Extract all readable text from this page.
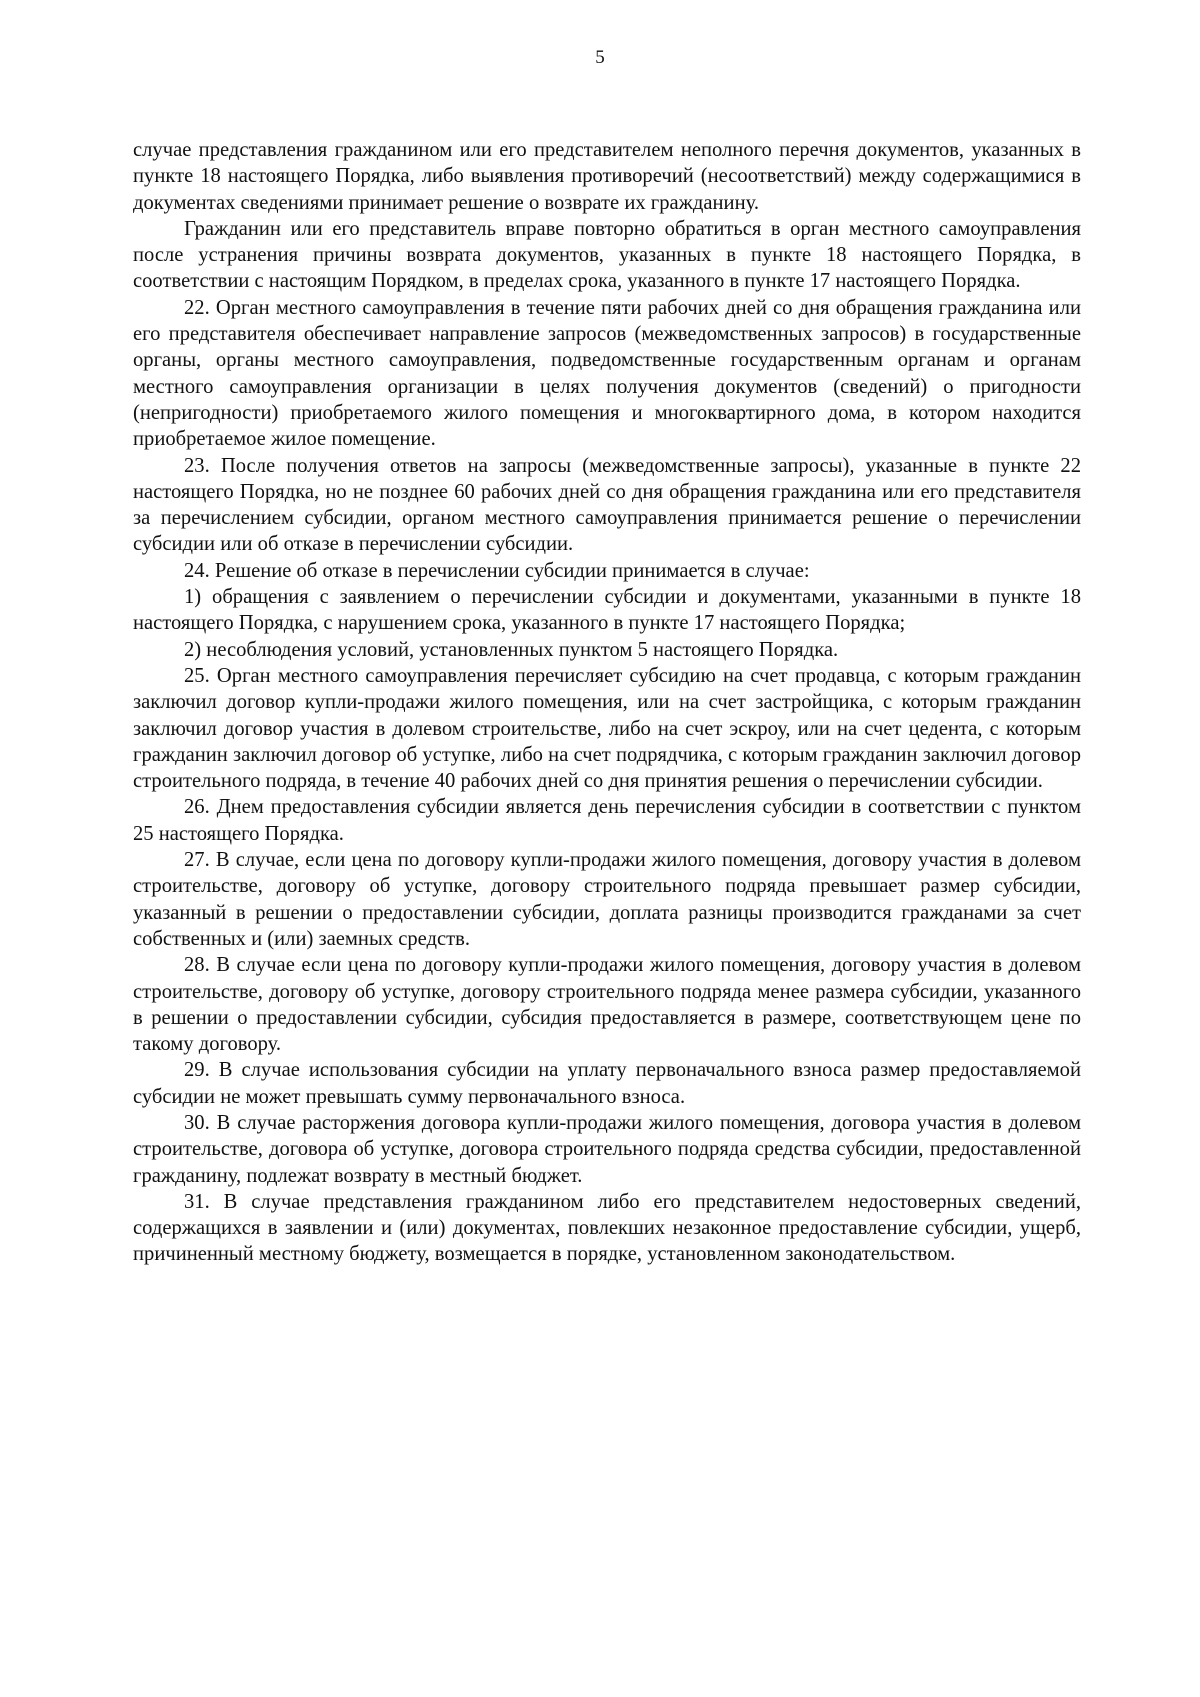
5

случае представления гражданином или его представителем неполного перечня документов, указанных в пункте 18 настоящего Порядка, либо выявления противоречий (несоответствий) между содержащимися в документах сведениями принимает решение о возврате их гражданину.

Гражданин или его представитель вправе повторно обратиться в орган местного самоуправления после устранения причины возврата документов, указанных в пункте 18 настоящего Порядка, в соответствии с настоящим Порядком, в пределах срока, указанного в пункте 17 настоящего Порядка.

22. Орган местного самоуправления в течение пяти рабочих дней со дня обращения гражданина или его представителя обеспечивает направление запросов (межведомственных запросов) в государственные органы, органы местного самоуправления, подведомственные государственным органам и органам местного самоуправления организации в целях получения документов (сведений) о пригодности (непригодности) приобретаемого жилого помещения и многоквартирного дома, в котором находится приобретаемое жилое помещение.

23. После получения ответов на запросы (межведомственные запросы), указанные в пункте 22 настоящего Порядка, но не позднее 60 рабочих дней со дня обращения гражданина или его представителя за перечислением субсидии, органом местного самоуправления принимается решение о перечислении субсидии или об отказе в перечислении субсидии.

24. Решение об отказе в перечислении субсидии принимается в случае:

1) обращения с заявлением о перечислении субсидии и документами, указанными в пункте 18 настоящего Порядка, с нарушением срока, указанного в пункте 17 настоящего Порядка;

2) несоблюдения условий, установленных пунктом 5 настоящего Порядка.

25. Орган местного самоуправления перечисляет субсидию на счет продавца, с которым гражданин заключил договор купли-продажи жилого помещения, или на счет застройщика, с которым гражданин заключил договор участия в долевом строительстве, либо на счет эскроу, или на счет цедента, с которым гражданин заключил договор об уступке, либо на счет подрядчика, с которым гражданин заключил договор строительного подряда, в течение 40 рабочих дней со дня принятия решения о перечислении субсидии.

26. Днем предоставления субсидии является день перечисления субсидии в соответствии с пунктом 25 настоящего Порядка.

27. В случае, если цена по договору купли-продажи жилого помещения, договору участия в долевом строительстве, договору об уступке, договору строительного подряда превышает размер субсидии, указанный в решении о предоставлении субсидии, доплата разницы производится гражданами за счет собственных и (или) заемных средств.

28. В случае если цена по договору купли-продажи жилого помещения, договору участия в долевом строительстве, договору об уступке, договору строительного подряда менее размера субсидии, указанного в решении о предоставлении субсидии, субсидия предоставляется в размере, соответствующем цене по такому договору.

29. В случае использования субсидии на уплату первоначального взноса размер предоставляемой субсидии не может превышать сумму первоначального взноса.

30. В случае расторжения договора купли-продажи жилого помещения, договора участия в долевом строительстве, договора об уступке, договора строительного подряда средства субсидии, предоставленной гражданину, подлежат возврату в местный бюджет.

31. В случае представления гражданином либо его представителем недостоверных сведений, содержащихся в заявлении и (или) документах, повлекших незаконное предоставление субсидии, ущерб, причиненный местному бюджету, возмещается в порядке, установленном законодательством.
